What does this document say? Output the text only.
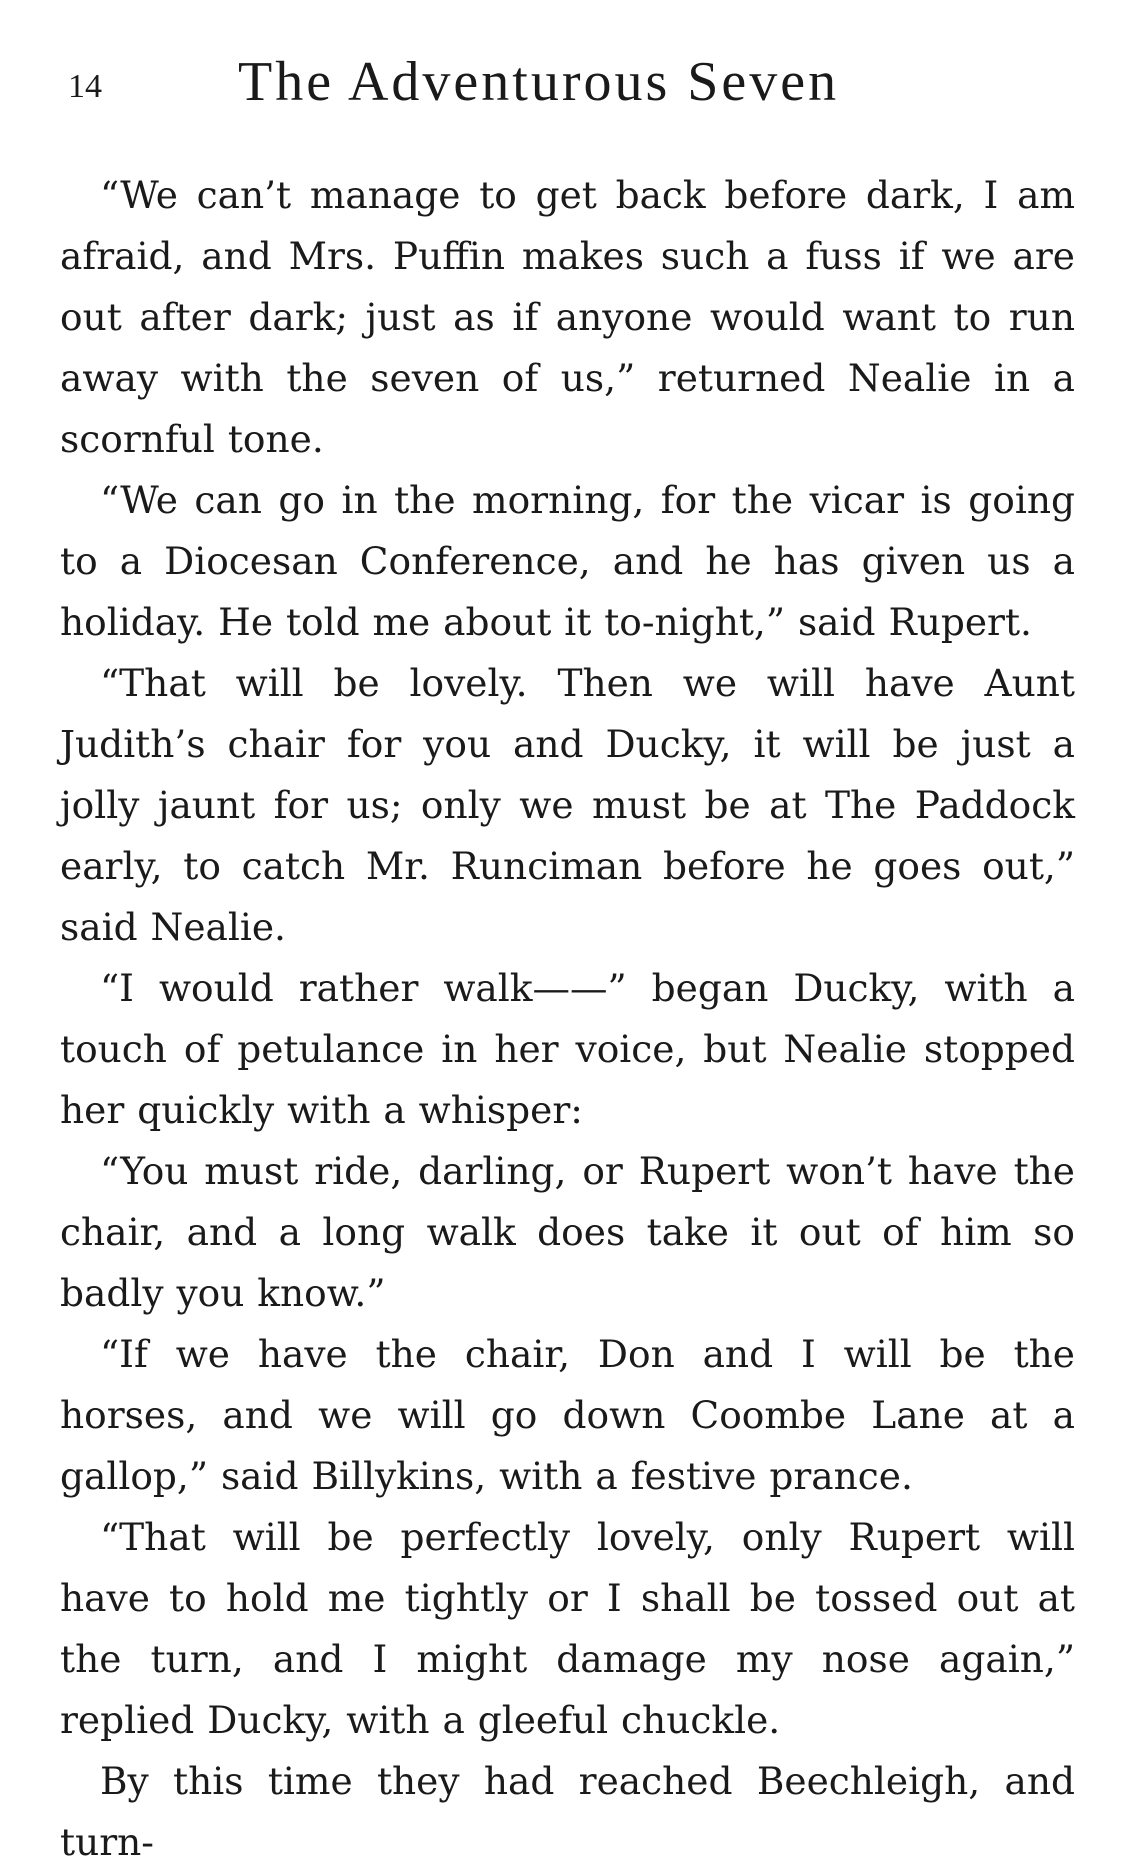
14 The Adventurous Seven

“We can’t manage to get back before dark, I am afraid, and Mrs. Puffin makes such a fuss if we are out after dark; just as if anyone would want to run away with the seven of us,” returned Nealie in a scornful tone.

“We can go in the morning, for the vicar is going to a Diocesan Conference, and he has given us a holiday. He told me about it to-night,” said Rupert.

“That will be lovely. Then we will have Aunt Judith’s chair for you and Ducky, it will be just a jolly jaunt for us; only we must be at The Paddock early, to catch Mr. Runciman before he goes out,” said Nealie.

“I would rather walk——” began Ducky, with a touch of petulance in her voice, but Nealie stopped her quickly with a whisper:

“You must ride, darling, or Rupert won’t have the chair, and a long walk does take it out of him so badly you know.”

“If we have the chair, Don and I will be the horses, and we will go down Coombe Lane at a gallop,” said Billykins, with a festive prance.

“That will be perfectly lovely, only Rupert will have to hold me tightly or I shall be tossed out at the turn, and I might damage my nose again,” replied Ducky, with a gleeful chuckle.

By this time they had reached Beechleigh, and turn-
